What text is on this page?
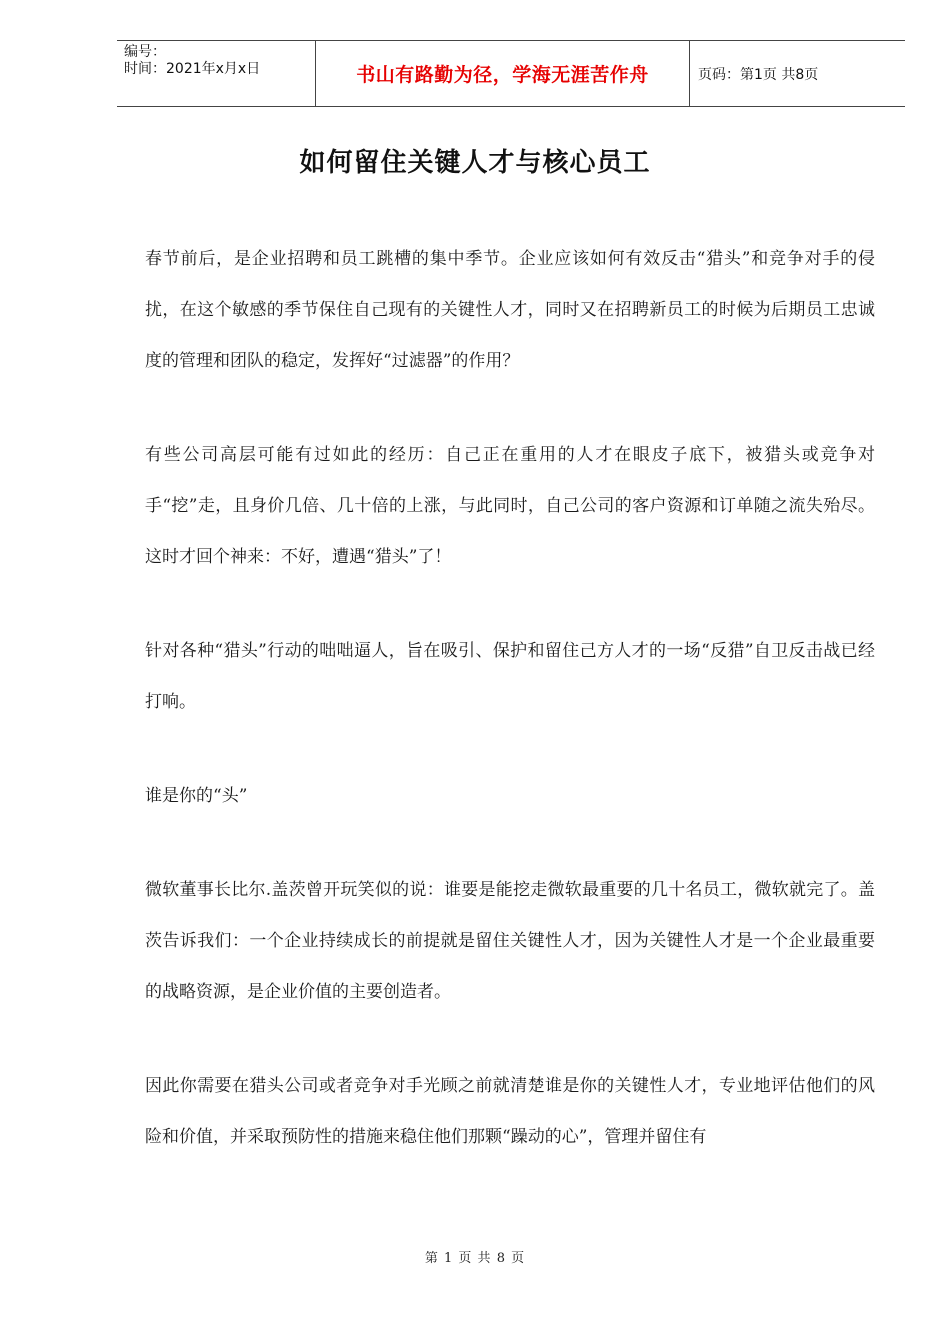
编号：
时间：2021年x月x日	书山有路勤为径，学海无涯苦作舟	页码：第1页 共8页
如何留住关键人才与核心员工

春节前后，是企业招聘和员工跳槽的集中季节。企业应该如何有效反击“猎头”和竞争对手的侵扰，在这个敏感的季节保住自己现有的关键性人才，同时又在招聘新员工的时候为后期员工忠诚度的管理和团队的稳定，发挥好“过滤器”的作用？

有些公司高层可能有过如此的经历：自己正在重用的人才在眼皮子底下，被猎头或竞争对手“挖”走，且身价几倍、几十倍的上涨，与此同时，自己公司的客户资源和订单随之流失殆尽。这时才回个神来：不好，遭遇“猎头”了！

针对各种“猎头”行动的咄咄逼人，旨在吸引、保护和留住己方人才的一场“反猎”自卫反击战已经打响。

谁是你的“头”

微软董事长比尔.盖茨曾开玩笑似的说：谁要是能挖走微软最重要的几十名员工，微软就完了。盖茨告诉我们：一个企业持续成长的前提就是留住关键性人才，因为关键性人才是一个企业最重要的战略资源，是企业价值的主要创造者。

因此你需要在猎头公司或者竞争对手光顾之前就清楚谁是你的关键性人才，专业地评估他们的风险和价值，并采取预防性的措施来稳住他们那颗“躁动的心”，管理并留住有

第 1 页 共 8 页
